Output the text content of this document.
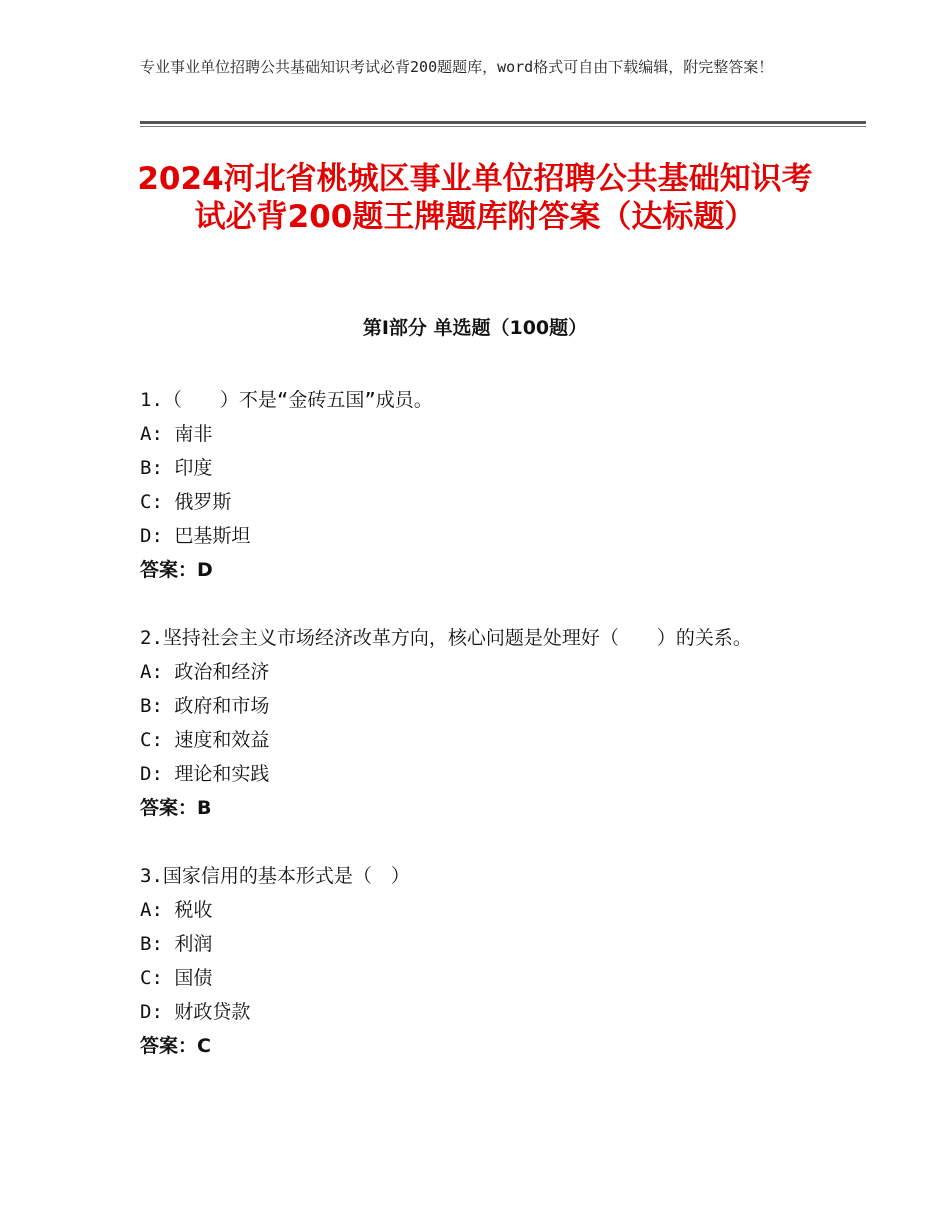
专业事业单位招聘公共基础知识考试必背200题题库，word格式可自由下载编辑，附完整答案！
2024河北省桃城区事业单位招聘公共基础知识考试必背200题王牌题库附答案（达标题）
第Ⅰ部分 单选题（100题）
1.（　　）不是“金砖五国”成员。
A: 南非
B: 印度
C: 俄罗斯
D: 巴基斯坦
答案：D
2.坚持社会主义市场经济改革方向，核心问题是处理好（　　）的关系。
A: 政治和经济
B: 政府和市场
C: 速度和效益
D: 理论和实践
答案：B
3.国家信用的基本形式是（　）
A: 税收
B: 利润
C: 国债
D: 财政贷款
答案：C
